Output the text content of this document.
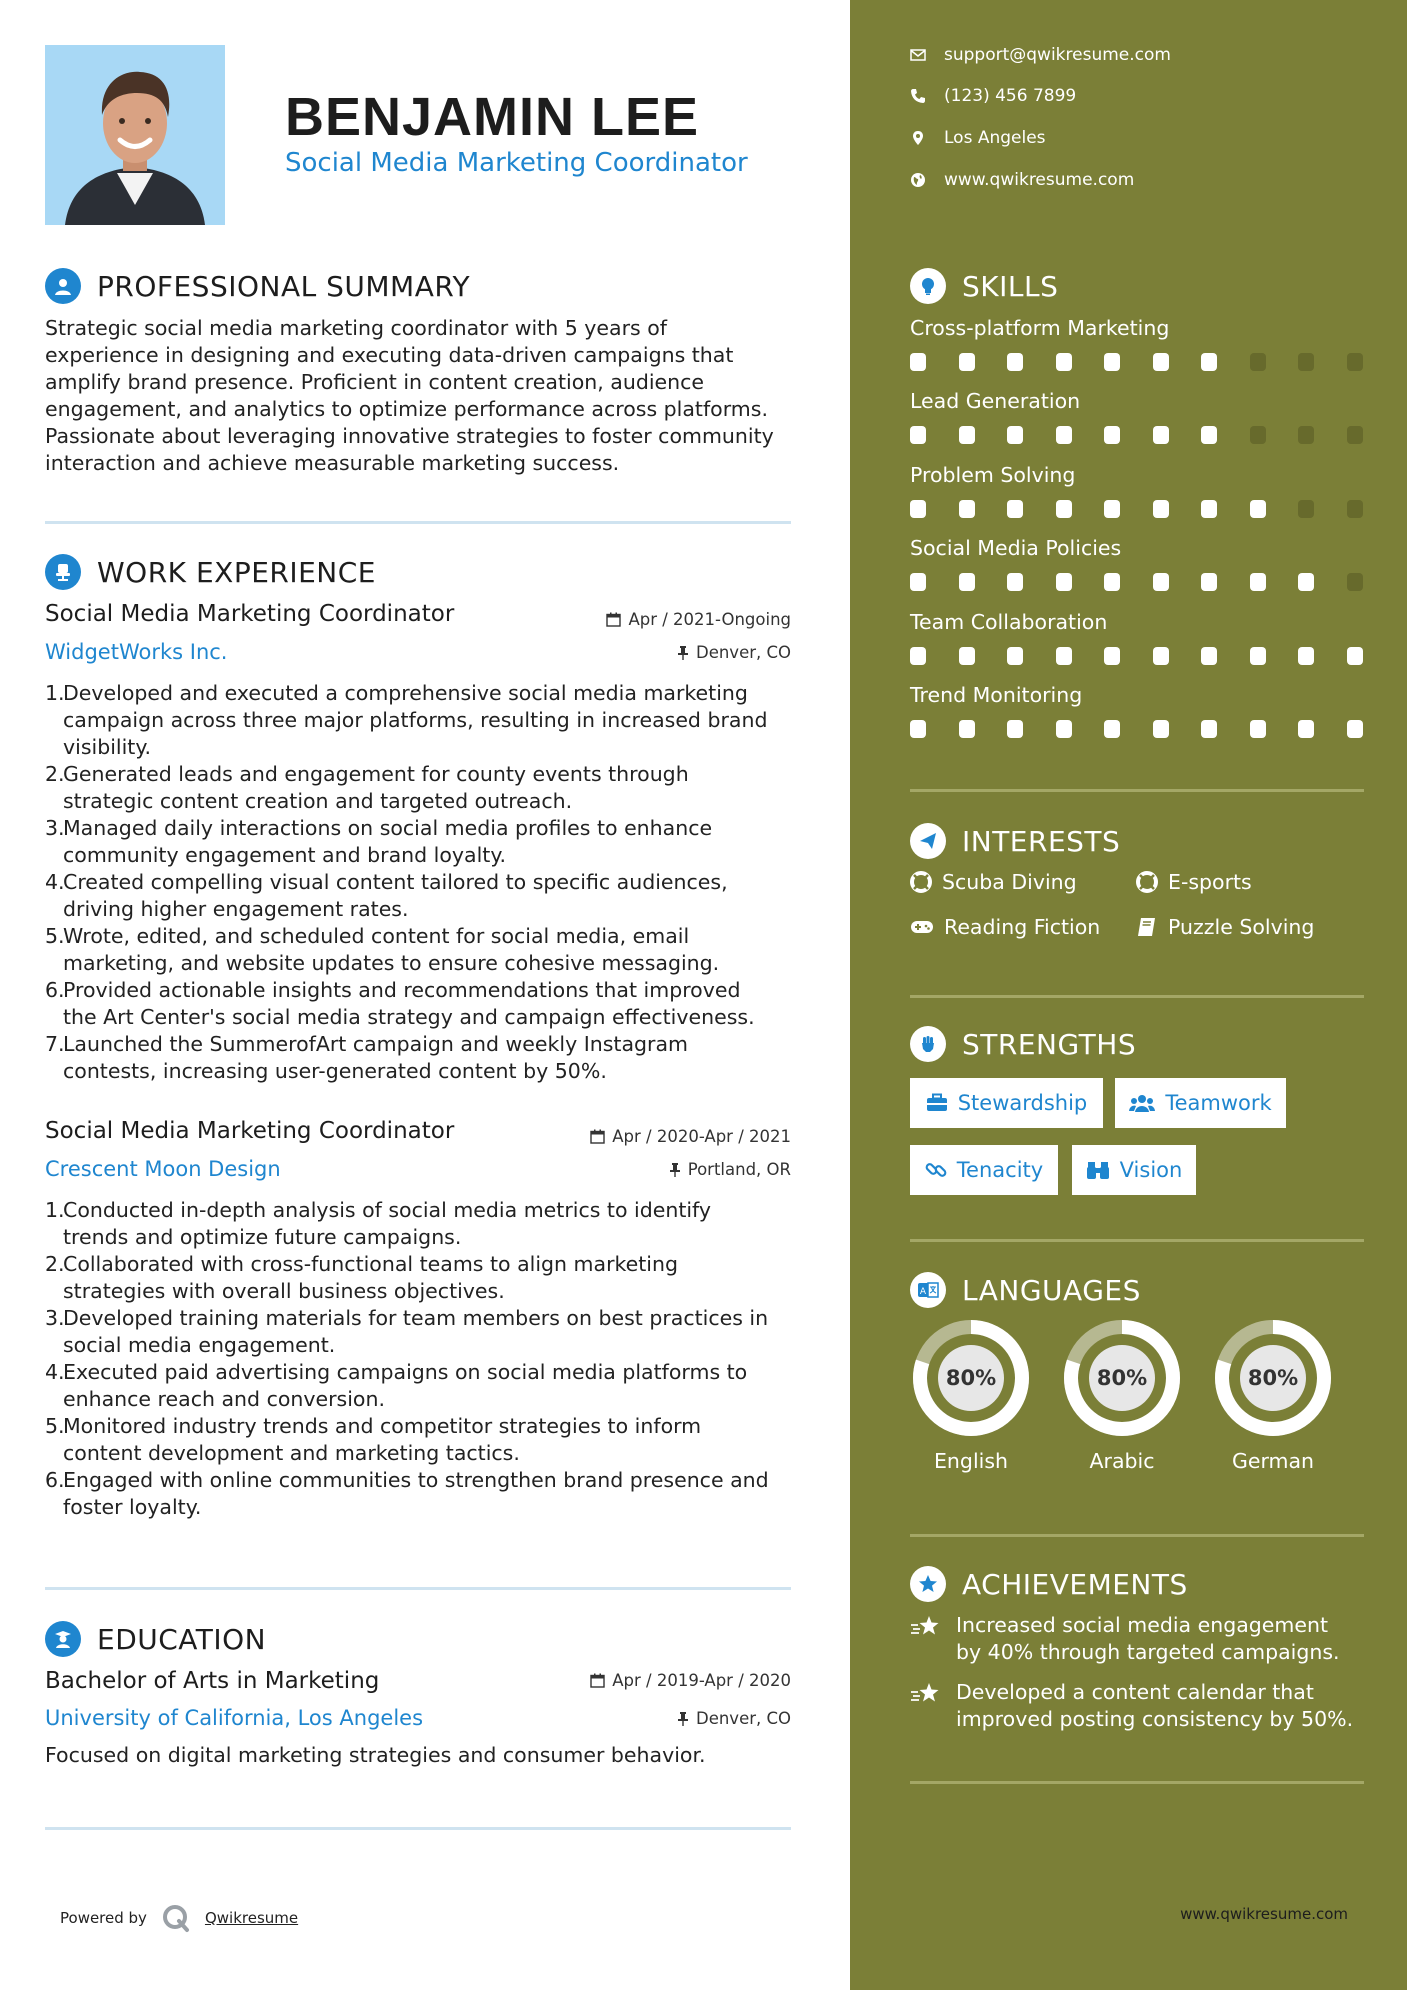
BENJAMIN LEE
Social Media Marketing Coordinator
PROFESSIONAL SUMMARY
Strategic social media marketing coordinator with 5 years of
experience in designing and executing data-driven campaigns that
amplify brand presence. Proficient in content creation, audience
engagement, and analytics to optimize performance across platforms.
Passionate about leveraging innovative strategies to foster community
interaction and achieve measurable marketing success.
WORK EXPERIENCE
Social Media Marketing Coordinator	Apr / 2021-Ongoing
WidgetWorks Inc.	Denver, CO
1.
Developed and executed a comprehensive social media marketing
campaign across three major platforms, resulting in increased brand
visibility.
2.
Generated leads and engagement for county events through
strategic content creation and targeted outreach.
3.
Managed daily interactions on social media profiles to enhance
community engagement and brand loyalty.
4.
Created compelling visual content tailored to specific audiences,
driving higher engagement rates.
5.
Wrote, edited, and scheduled content for social media, email
marketing, and website updates to ensure cohesive messaging.
6.
Provided actionable insights and recommendations that improved
the Art Center's social media strategy and campaign effectiveness.
7.
Launched the SummerofArt campaign and weekly Instagram
contests, increasing user-generated content by 50%.
Social Media Marketing Coordinator	Apr / 2020-Apr / 2021
Crescent Moon Design	Portland, OR
1.
Conducted in-depth analysis of social media metrics to identify
trends and optimize future campaigns.
2.
Collaborated with cross-functional teams to align marketing
strategies with overall business objectives.
3.
Developed training materials for team members on best practices in
social media engagement.
4.
Executed paid advertising campaigns on social media platforms to
enhance reach and conversion.
5.
Monitored industry trends and competitor strategies to inform
content development and marketing tactics.
6.
Engaged with online communities to strengthen brand presence and
foster loyalty.
EDUCATION
Bachelor of Arts in Marketing	Apr / 2019-Apr / 2020
University of California, Los Angeles	Denver, CO
Focused on digital marketing strategies and consumer behavior.
Powered by	Qwikresume
support@qwikresume.com
(123) 456 7899
Los Angeles
www.qwikresume.com
SKILLS
Cross-platform Marketing
Lead Generation
Problem Solving
Social Media Policies
Team Collaboration
Trend Monitoring
INTERESTS
Scuba Diving	E-sports
Reading Fiction	Puzzle Solving
STRENGTHS
Stewardship	Teamwork
Tenacity	Vision
A LANGUAGES
80%
English
80%
Arabic
80%
German
ACHIEVEMENTS
Increased social media engagement
by 40% through targeted campaigns.
Developed a content calendar that
improved posting consistency by 50%.
www.qwikresume.com
